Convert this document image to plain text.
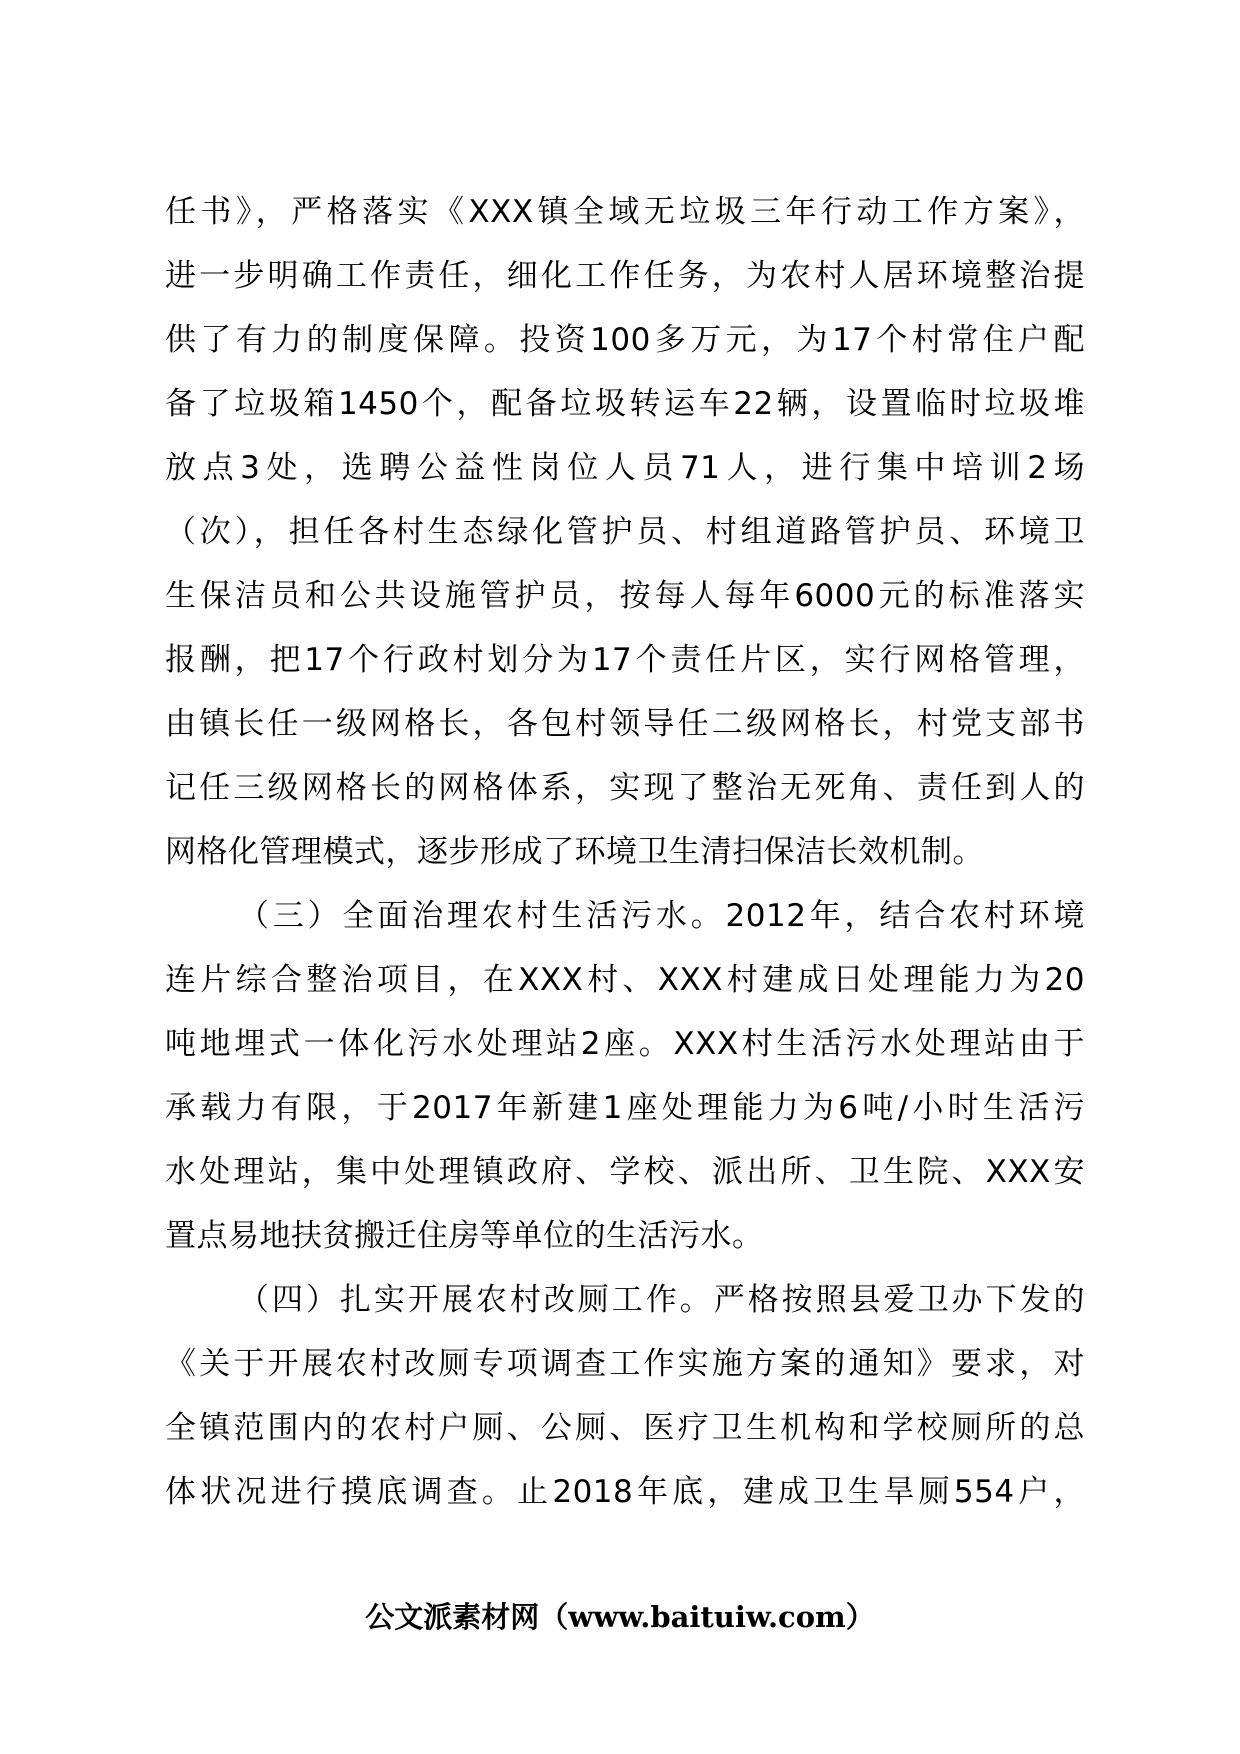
任书》，严格落实《XXX镇全域无垃圾三年行动工作方案》，
进一步明确工作责任，细化工作任务，为农村人居环境整治提
供了有力的制度保障。投资100多万元，为17个村常住户配
备了垃圾箱1450个，配备垃圾转运车22辆，设置临时垃圾堆
放点3处，选聘公益性岗位人员71人，进行集中培训2场
（次），担任各村生态绿化管护员、村组道路管护员、环境卫
生保洁员和公共设施管护员，按每人每年6000元的标准落实
报酬，把17个行政村划分为17个责任片区，实行网格管理，
由镇长任一级网格长，各包村领导任二级网格长，村党支部书
记任三级网格长的网格体系，实现了整治无死角、责任到人的
网格化管理模式，逐步形成了环境卫生清扫保洁长效机制。
（三）全面治理农村生活污水。2012年，结合农村环境
连片综合整治项目，在XXX村、XXX村建成日处理能力为20
吨地埋式一体化污水处理站2座。XXX村生活污水处理站由于
承载力有限，于2017年新建1座处理能力为6吨/小时生活污
水处理站，集中处理镇政府、学校、派出所、卫生院、XXX安
置点易地扶贫搬迁住房等单位的生活污水。
（四）扎实开展农村改厕工作。严格按照县爱卫办下发的
《关于开展农村改厕专项调查工作实施方案的通知》要求，对
全镇范围内的农村户厕、公厕、医疗卫生机构和学校厕所的总
体状况进行摸底调查。止2018年底，建成卫生旱厕554户，
公文派素材网（www.baituiw.com）
